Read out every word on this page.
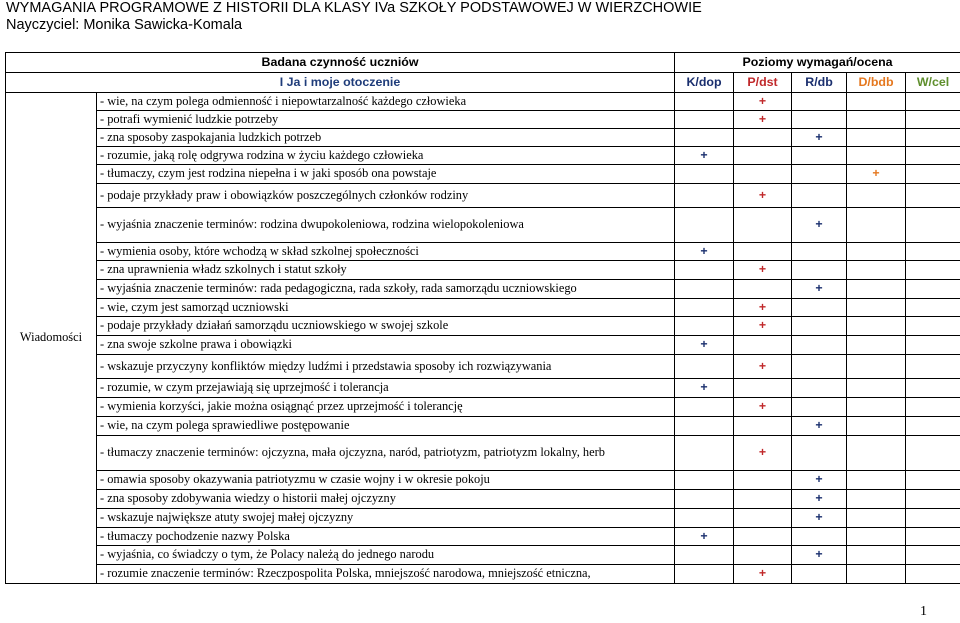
WYMAGANIA PROGRAMOWE Z HISTORII DLA KLASY IVa SZKOŁY PODSTAWOWEJ W WIERZCHOWIE
Nayczyciel: Monika Sawicka-Komala
Badana czynność uczniów		Poziomy wymagań/ocena				
I Ja i moje otoczenie		K/dop	P/dst	R/db	D/bdb	W/cel
Wiadomości	- wie, na czym polega odmienność i niepowtarzalność każdego człowieka		+			
	- potrafi wymienić ludzkie potrzeby		+			
	- zna sposoby zaspokajania ludzkich potrzeb			+		
	- rozumie, jaką rolę odgrywa rodzina w życiu każdego człowieka	+				
	- tłumaczy, czym jest rodzina niepełna i w jaki sposób ona powstaje				+	
	- podaje przykłady praw i obowiązków poszczególnych członków rodziny		+			
	- wyjaśnia znaczenie terminów: rodzina dwupokoleniowa, rodzina wielopokoleniowa			+		
	- wymienia osoby, które wchodzą w skład szkolnej społeczności	+				
	- zna uprawnienia władz szkolnych i statut szkoły		+			
	- wyjaśnia znaczenie terminów: rada pedagogiczna, rada szkoły, rada samorządu uczniowskiego			+		
	- wie, czym jest samorząd uczniowski		+			
	- podaje przykłady działań samorządu uczniowskiego w swojej szkole		+			
	- zna swoje szkolne prawa i obowiązki	+				
	- wskazuje przyczyny konfliktów między ludźmi i przedstawia sposoby ich rozwiązywania		+			
	- rozumie, w czym przejawiają się uprzejmość i tolerancja	+				
	- wymienia korzyści, jakie można osiągnąć przez uprzejmość i tolerancję		+			
	- wie, na czym polega sprawiedliwe postępowanie			+		
	- tłumaczy znaczenie terminów: ojczyzna, mała ojczyzna, naród, patriotyzm, patriotyzm lokalny, herb		+			
	- omawia sposoby okazywania patriotyzmu w czasie wojny i w okresie pokoju			+		
	- zna sposoby zdobywania wiedzy o historii małej ojczyzny			+		
	- wskazuje największe atuty swojej małej ojczyzny			+		
	- tłumaczy pochodzenie nazwy Polska	+				
	- wyjaśnia, co świadczy o tym, że Polacy należą do jednego narodu			+		
	- rozumie znaczenie terminów: Rzeczpospolita Polska, mniejszość narodowa, mniejszość etniczna,		+			
1
